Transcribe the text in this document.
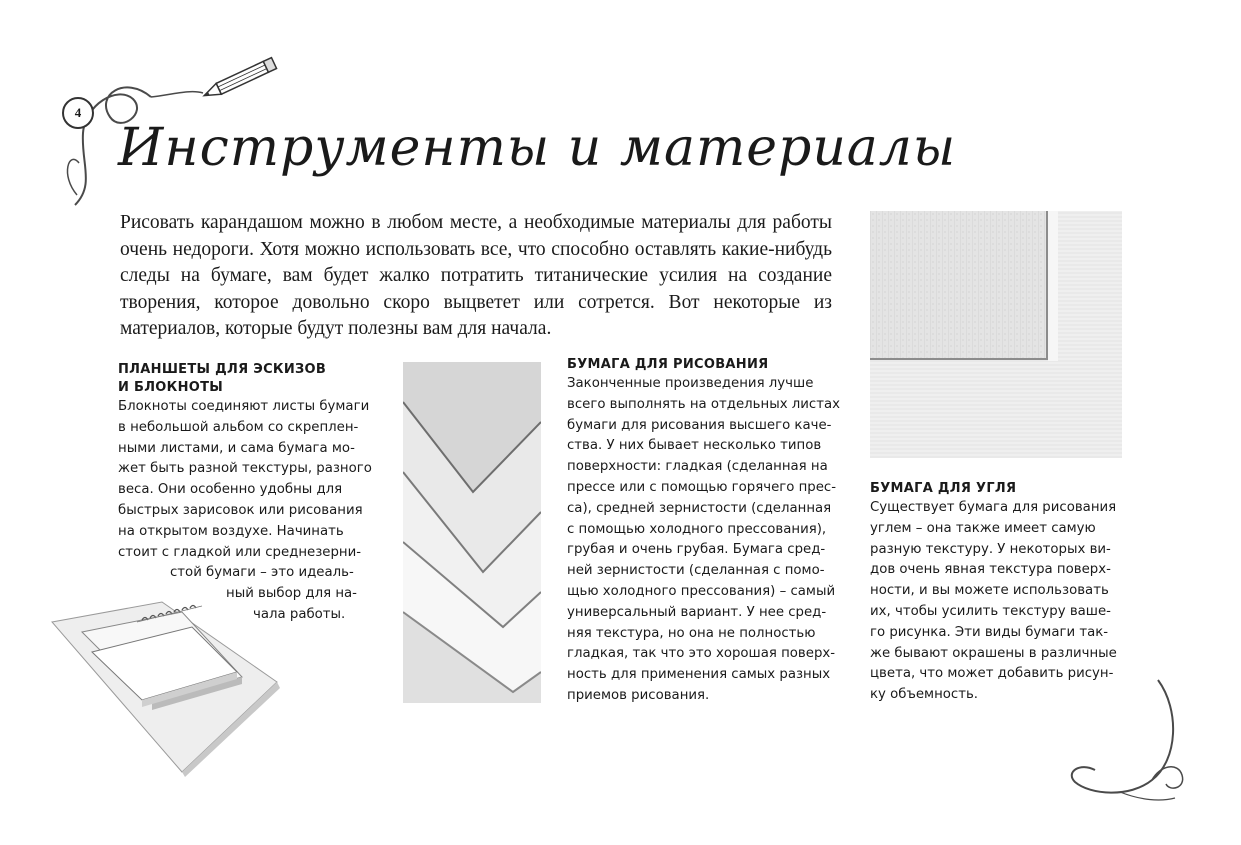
4
Инструменты и материалы

Рисовать карандашом можно в любом месте, а необходимые материалы для работы очень недороги. Хотя можно использовать все, что способно оставлять какие-нибудь следы на бумаге, вам будет жалко потратить титанические усилия на создание творения, которое довольно скоро выцветет или сотрется. Вот некоторые из материалов, которые будут полезны вам для начала.

ПЛАНШЕТЫ ДЛЯ ЭСКИЗОВ
И БЛОКНОТЫ
Блокноты соединяют листы бумаги
в небольшой альбом со скреплен-
ными листами, и сама бумага мо-
жет быть разной текстуры, разного
веса. Они особенно удобны для
быстрых зарисовок или рисования
на открытом воздухе. Начинать
стоит с гладкой или среднезерни-
стой бумаги – это идеаль-
ный выбор для на-
чала работы.
БУМАГА ДЛЯ РИСОВАНИЯ
Законченные произведения лучше
всего выполнять на отдельных листах
бумаги для рисования высшего каче-
ства. У них бывает несколько типов
поверхности: гладкая (сделанная на
прессе или с помощью горячего прес-
са), средней зернистости (сделанная
с помощью холодного прессования),
грубая и очень грубая. Бумага сред-
ней зернистости (сделанная с помо-
щью холодного прессования) – самый
универсальный вариант. У нее сред-
няя текстура, но она не полностью
гладкая, так что это хорошая поверх-
ность для применения самых разных
приемов рисования.
БУМАГА ДЛЯ УГЛЯ
Существует бумага для рисования
углем – она также имеет самую
разную текстуру. У некоторых ви-
дов очень явная текстура поверх-
ности, и вы можете использовать
их, чтобы усилить текстуру ваше-
го рисунка. Эти виды бумаги так-
же бывают окрашены в различные
цвета, что может добавить рисун-
ку объемность.
